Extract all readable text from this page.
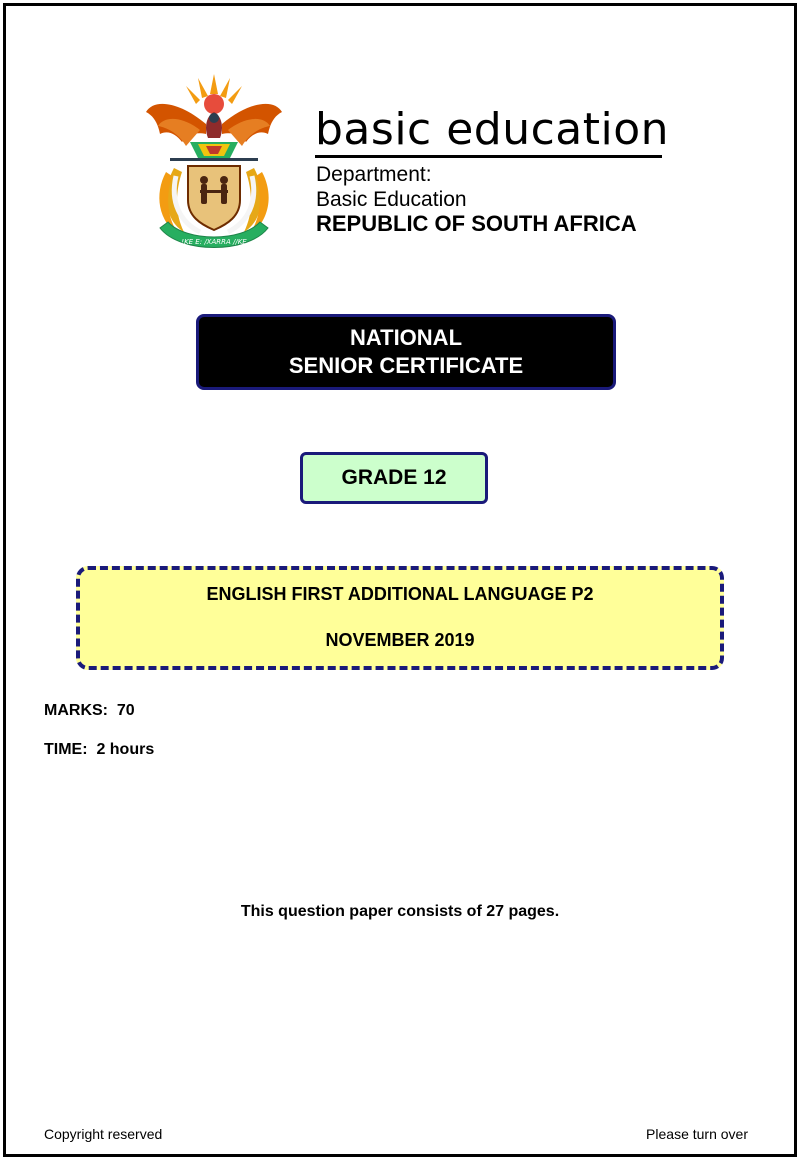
!KE E: /XARRA //KE
basic education
Department:
Basic Education
REPUBLIC OF SOUTH AFRICA
NATIONAL
SENIOR CERTIFICATE
GRADE 12
ENGLISH FIRST ADDITIONAL LANGUAGE P2
NOVEMBER 2019
MARKS:  70
TIME:  2 hours
This question paper consists of 27 pages.
Copyright reserved	Please turn over
